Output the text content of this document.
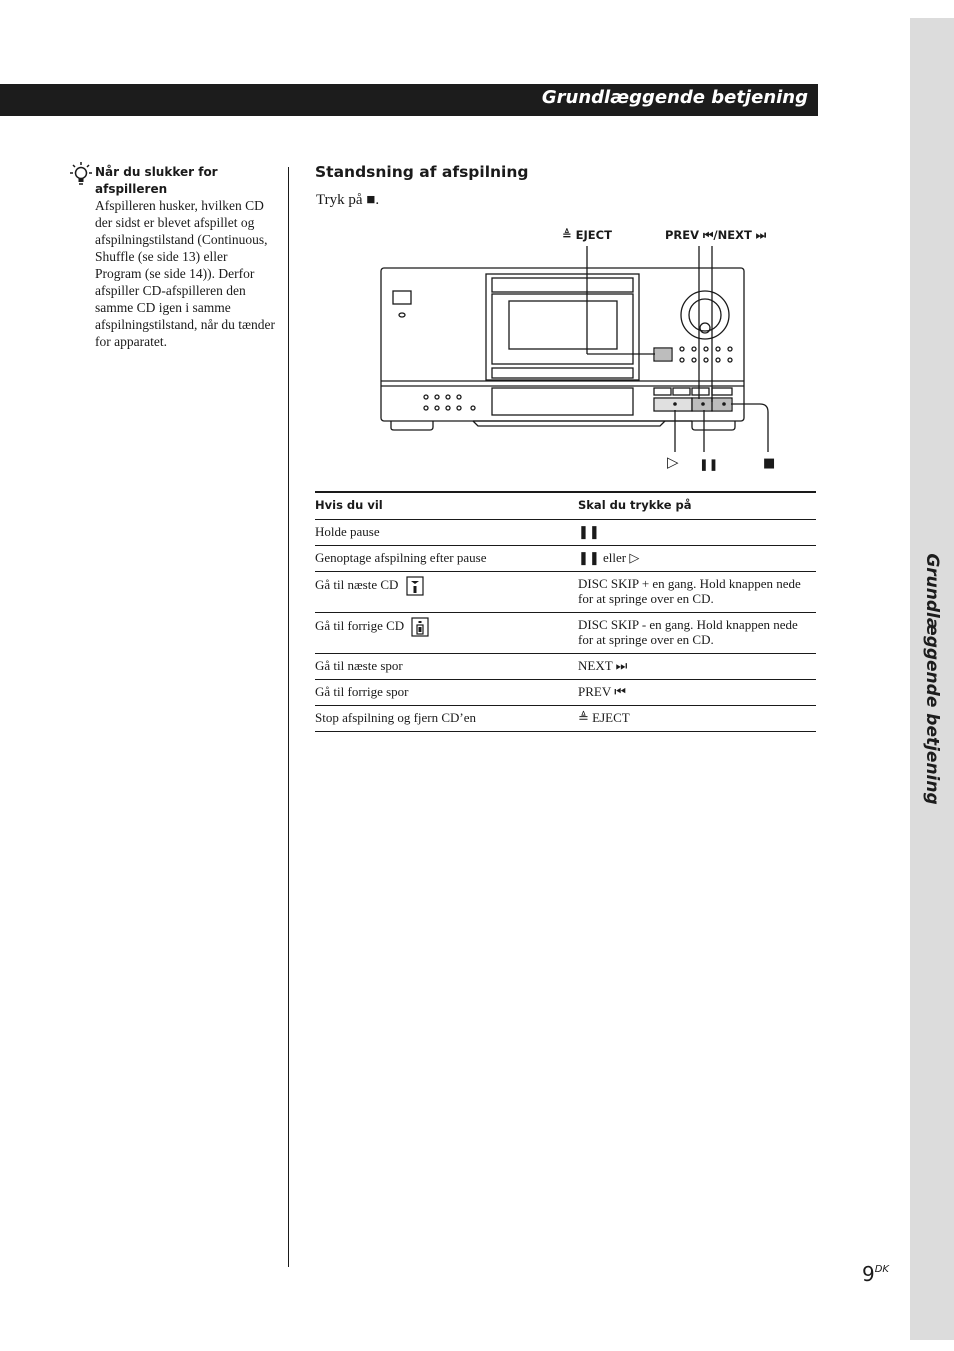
Grundlæggende betjening
Grundlæggende betjening
Når du slukker for afspilleren
Afspilleren husker, hvilken CD der sidst er blevet afspillet og afspilningstilstand (Continuous, Shuffle (se side 13) eller Program (se side 14)). Derfor afspiller CD-afspilleren den samme CD igen i samme afspilningstilstand, når du tænder for apparatet.
Standsning af afspilning
Tryk på ■.
≜ EJECT	PREV ⏮/NEXT ⏭
▷ ❚❚	■
Hvis du vil	Skal du trykke på
Holde pause	❚❚
Genoptage afspilning efter pause	❚❚ eller ▷
Gå til næste CD	DISC SKIP + en gang. Hold knappen nede for at springe over en CD.
Gå til forrige CD	DISC SKIP - en gang. Hold knappen nede for at springe over en CD.
Gå til næste spor	NEXT ⏭
Gå til forrige spor	PREV ⏮
Stop afspilning og fjern CD’en	≜ EJECT
$9^{DK}$
